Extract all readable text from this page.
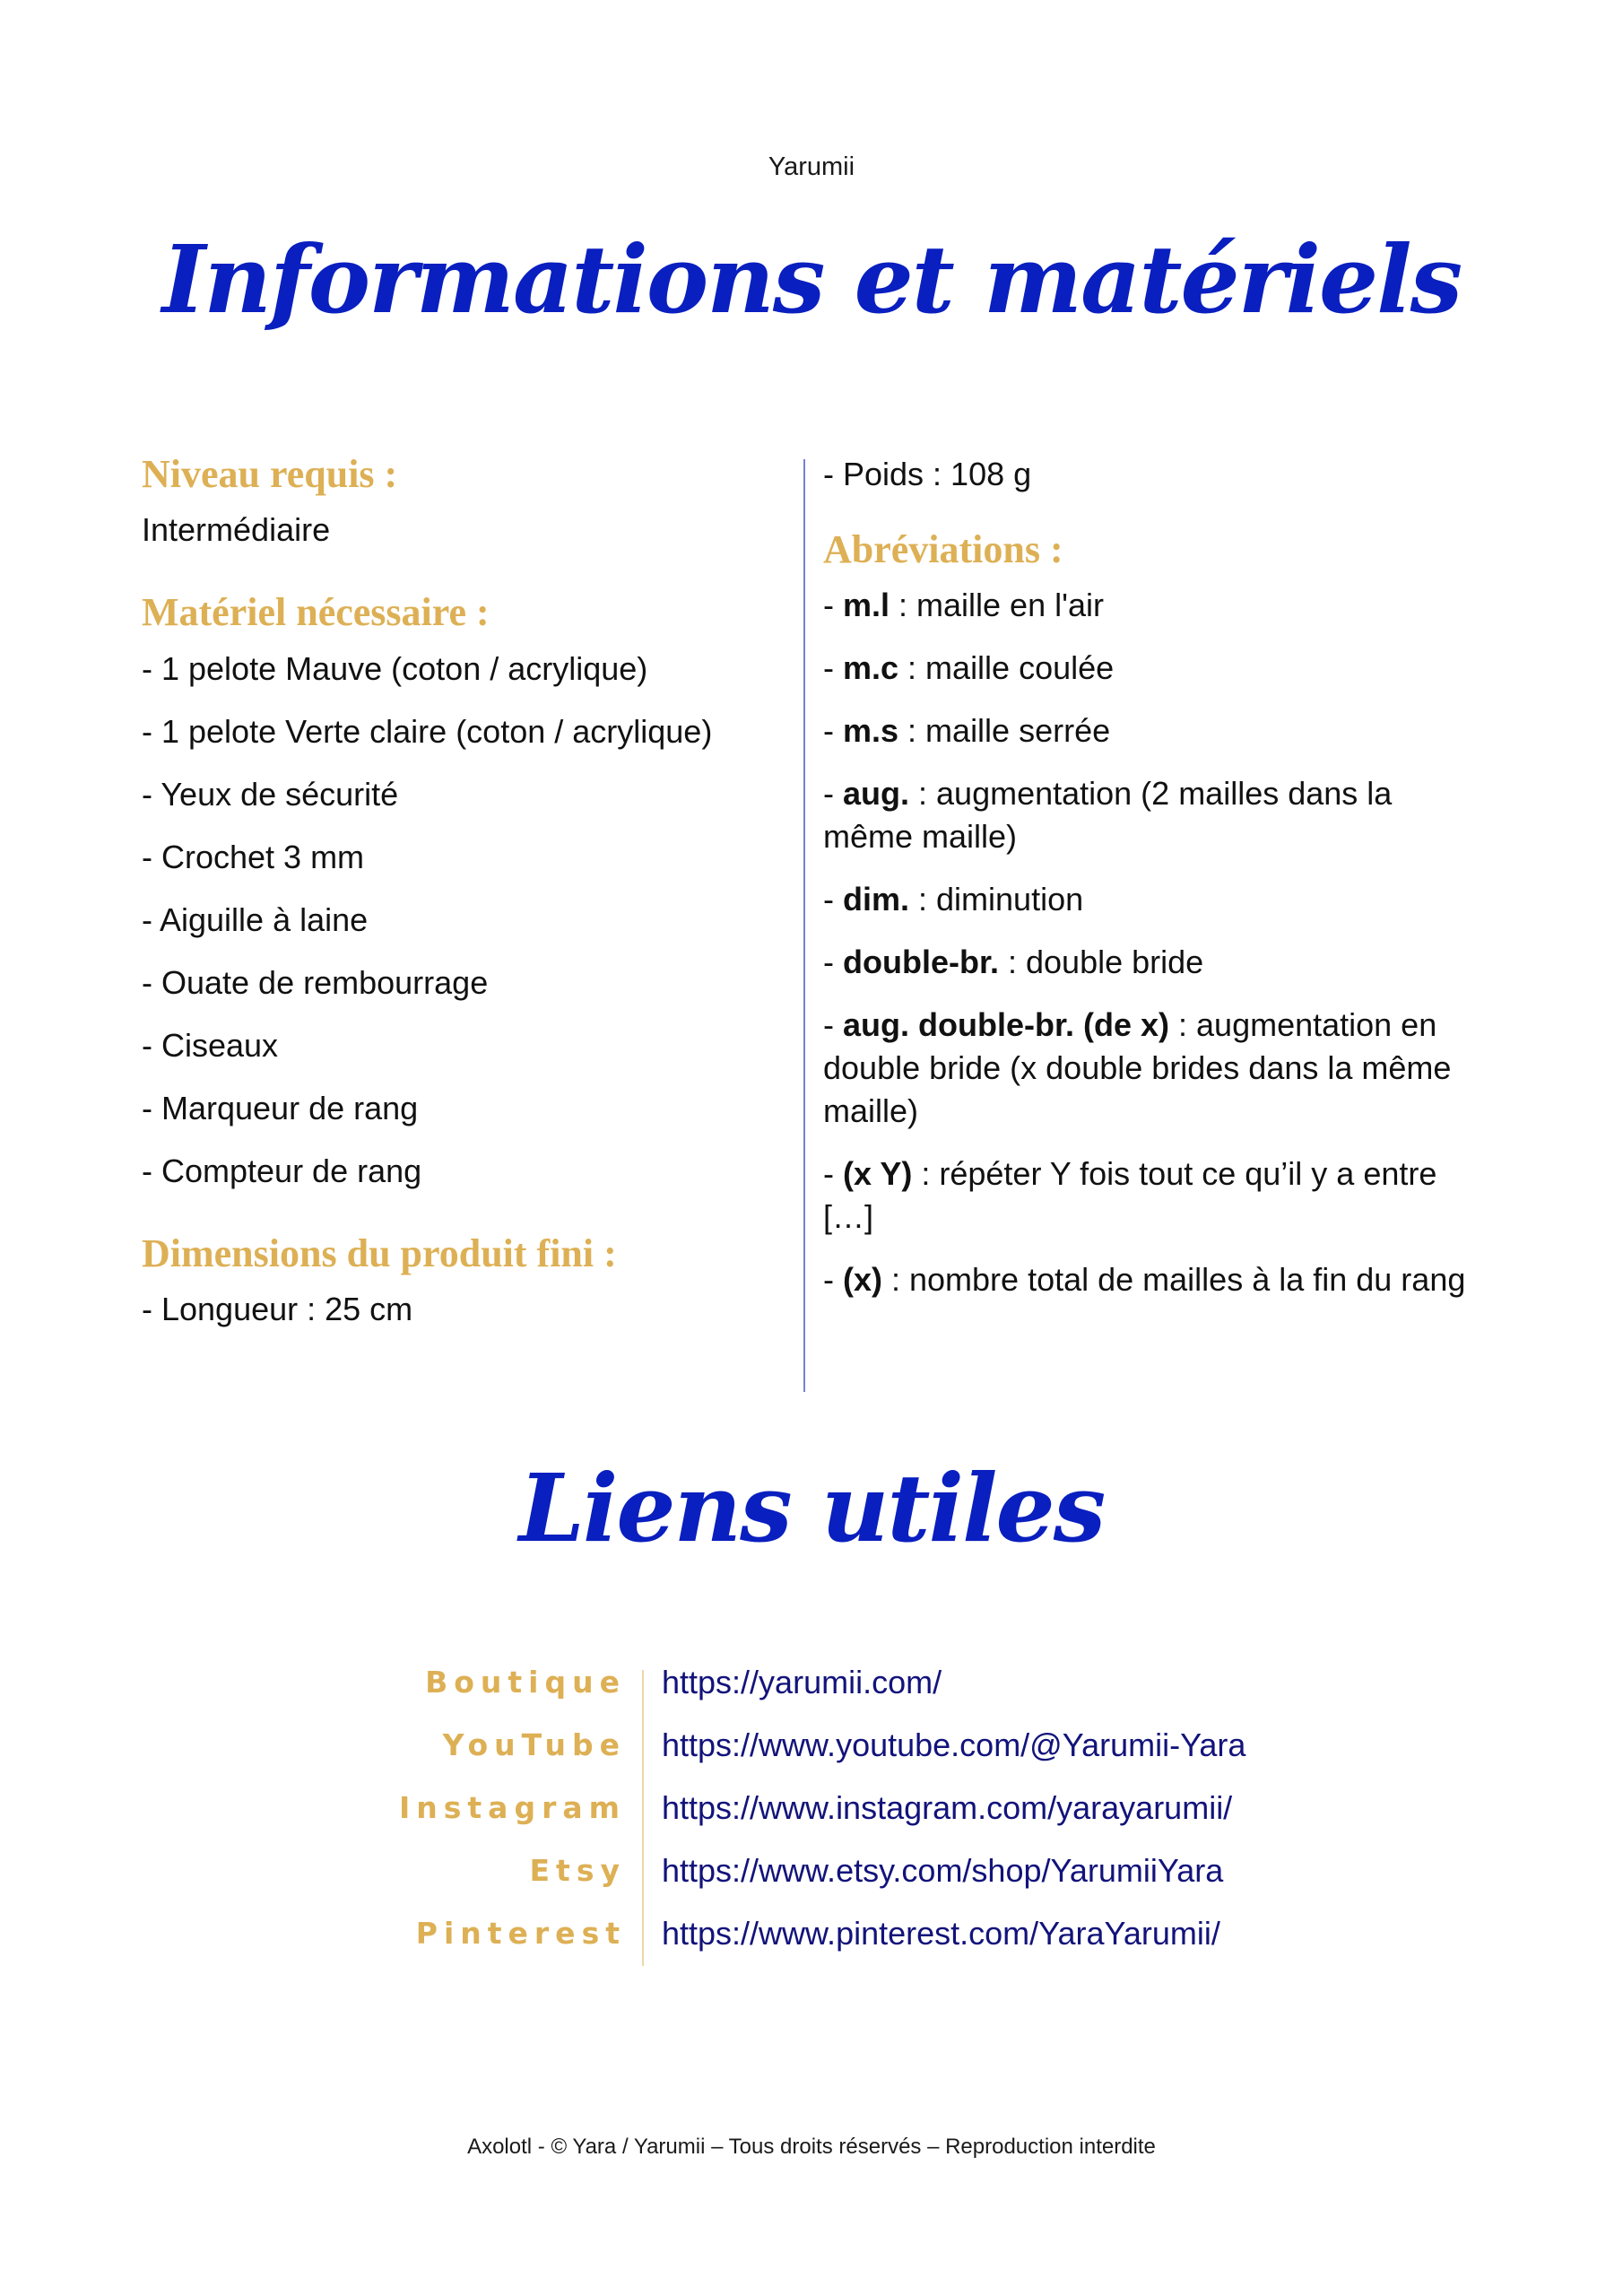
Yarumii
Informations et matériels
Niveau requis :
Intermédiaire
Matériel nécessaire :
- 1 pelote Mauve (coton / acrylique)
- 1 pelote Verte claire (coton / acrylique)
- Yeux de sécurité
- Crochet 3 mm
- Aiguille à laine
- Ouate de rembourrage
- Ciseaux
- Marqueur de rang
- Compteur de rang
Dimensions du produit fini :
- Longueur : 25 cm
- Poids : 108 g
Abréviations :
- m.l : maille en l'air
- m.c : maille coulée
- m.s : maille serrée
- aug. : augmentation (2 mailles dans la même maille)
- dim. : diminution
- double-br. : double bride
- aug. double-br. (de x) : augmentation en double bride (x double brides dans la même maille)
- (x Y) : répéter Y fois tout ce qu’il y a entre […]
- (x) : nombre total de mailles à la fin du rang
Liens utiles
Boutique https://yarumii.com/
YouTube https://www.youtube.com/@Yarumii-Yara
Instagram https://www.instagram.com/yarayarumii/
Etsy https://www.etsy.com/shop/YarumiiYara
Pinterest https://www.pinterest.com/YaraYarumii/
Axolotl - © Yara / Yarumii – Tous droits réservés – Reproduction interdite
